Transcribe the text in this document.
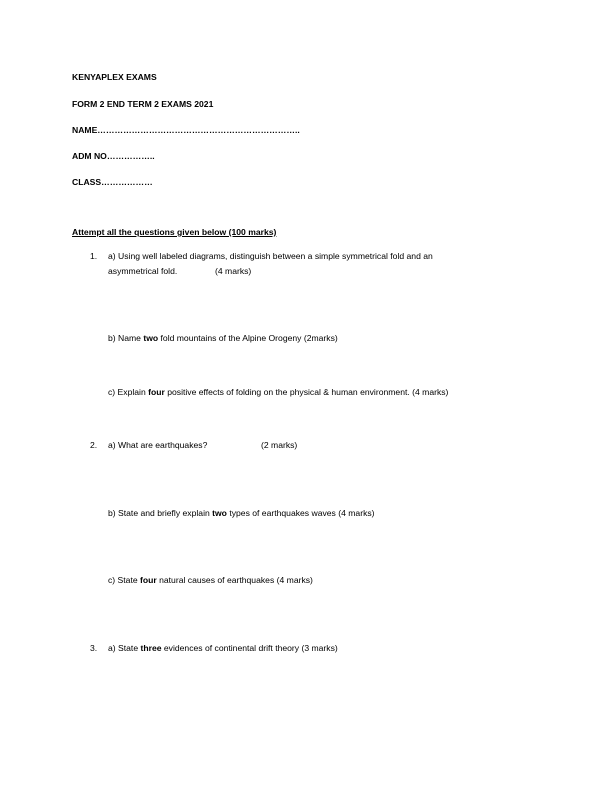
KENYAPLEX EXAMS
FORM 2 END TERM 2 EXAMS 2021
NAME……………………………………………………………..
ADM NO……………..
CLASS………………
Attempt all the questions given below (100 marks)
1. a) Using well labeled diagrams, distinguish between a simple symmetrical fold and an
asymmetrical fold.	(4 marks)
b) Name two fold mountains of the Alpine Orogeny (2marks)
c) Explain four positive effects of folding on the physical & human environment. (4 marks)
2. a) What are earthquakes?	(2 marks)
b) State and briefly explain two types of earthquakes waves (4 marks)
c) State four natural causes of earthquakes (4 marks)
3. a) State three evidences of continental drift theory (3 marks)
